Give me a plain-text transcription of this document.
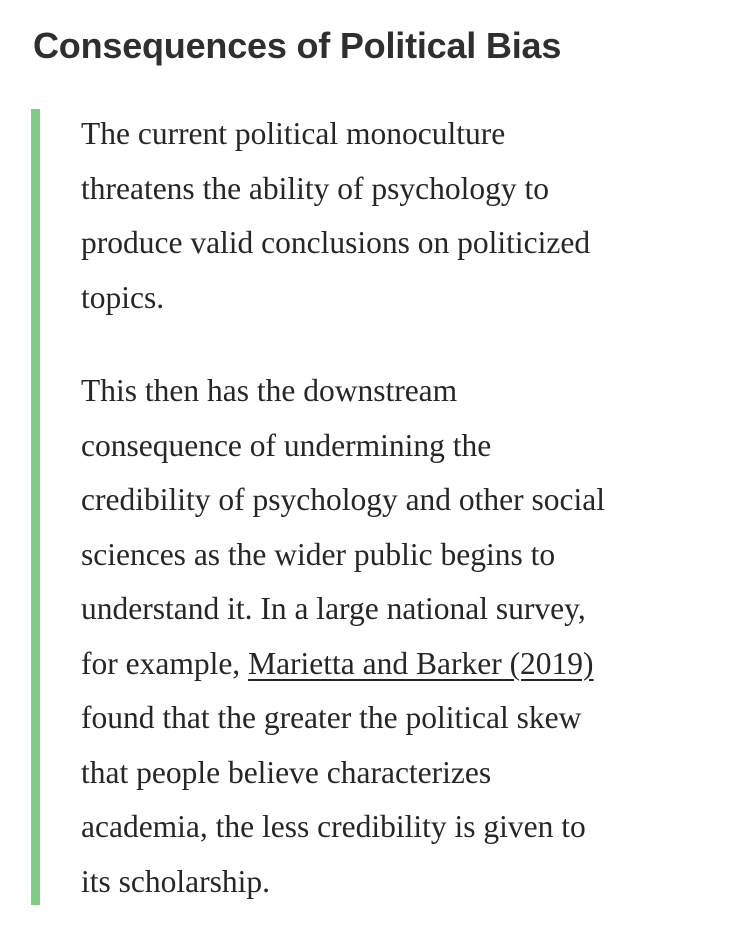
Consequences of Political Bias

The current political monoculture
threatens the ability of psychology to
produce valid conclusions on politicized
topics.

This then has the downstream
consequence of undermining the
credibility of psychology and other social
sciences as the wider public begins to
understand it. In a large national survey,
for example, Marietta and Barker (2019)
found that the greater the political skew
that people believe characterizes
academia, the less credibility is given to
its scholarship.
